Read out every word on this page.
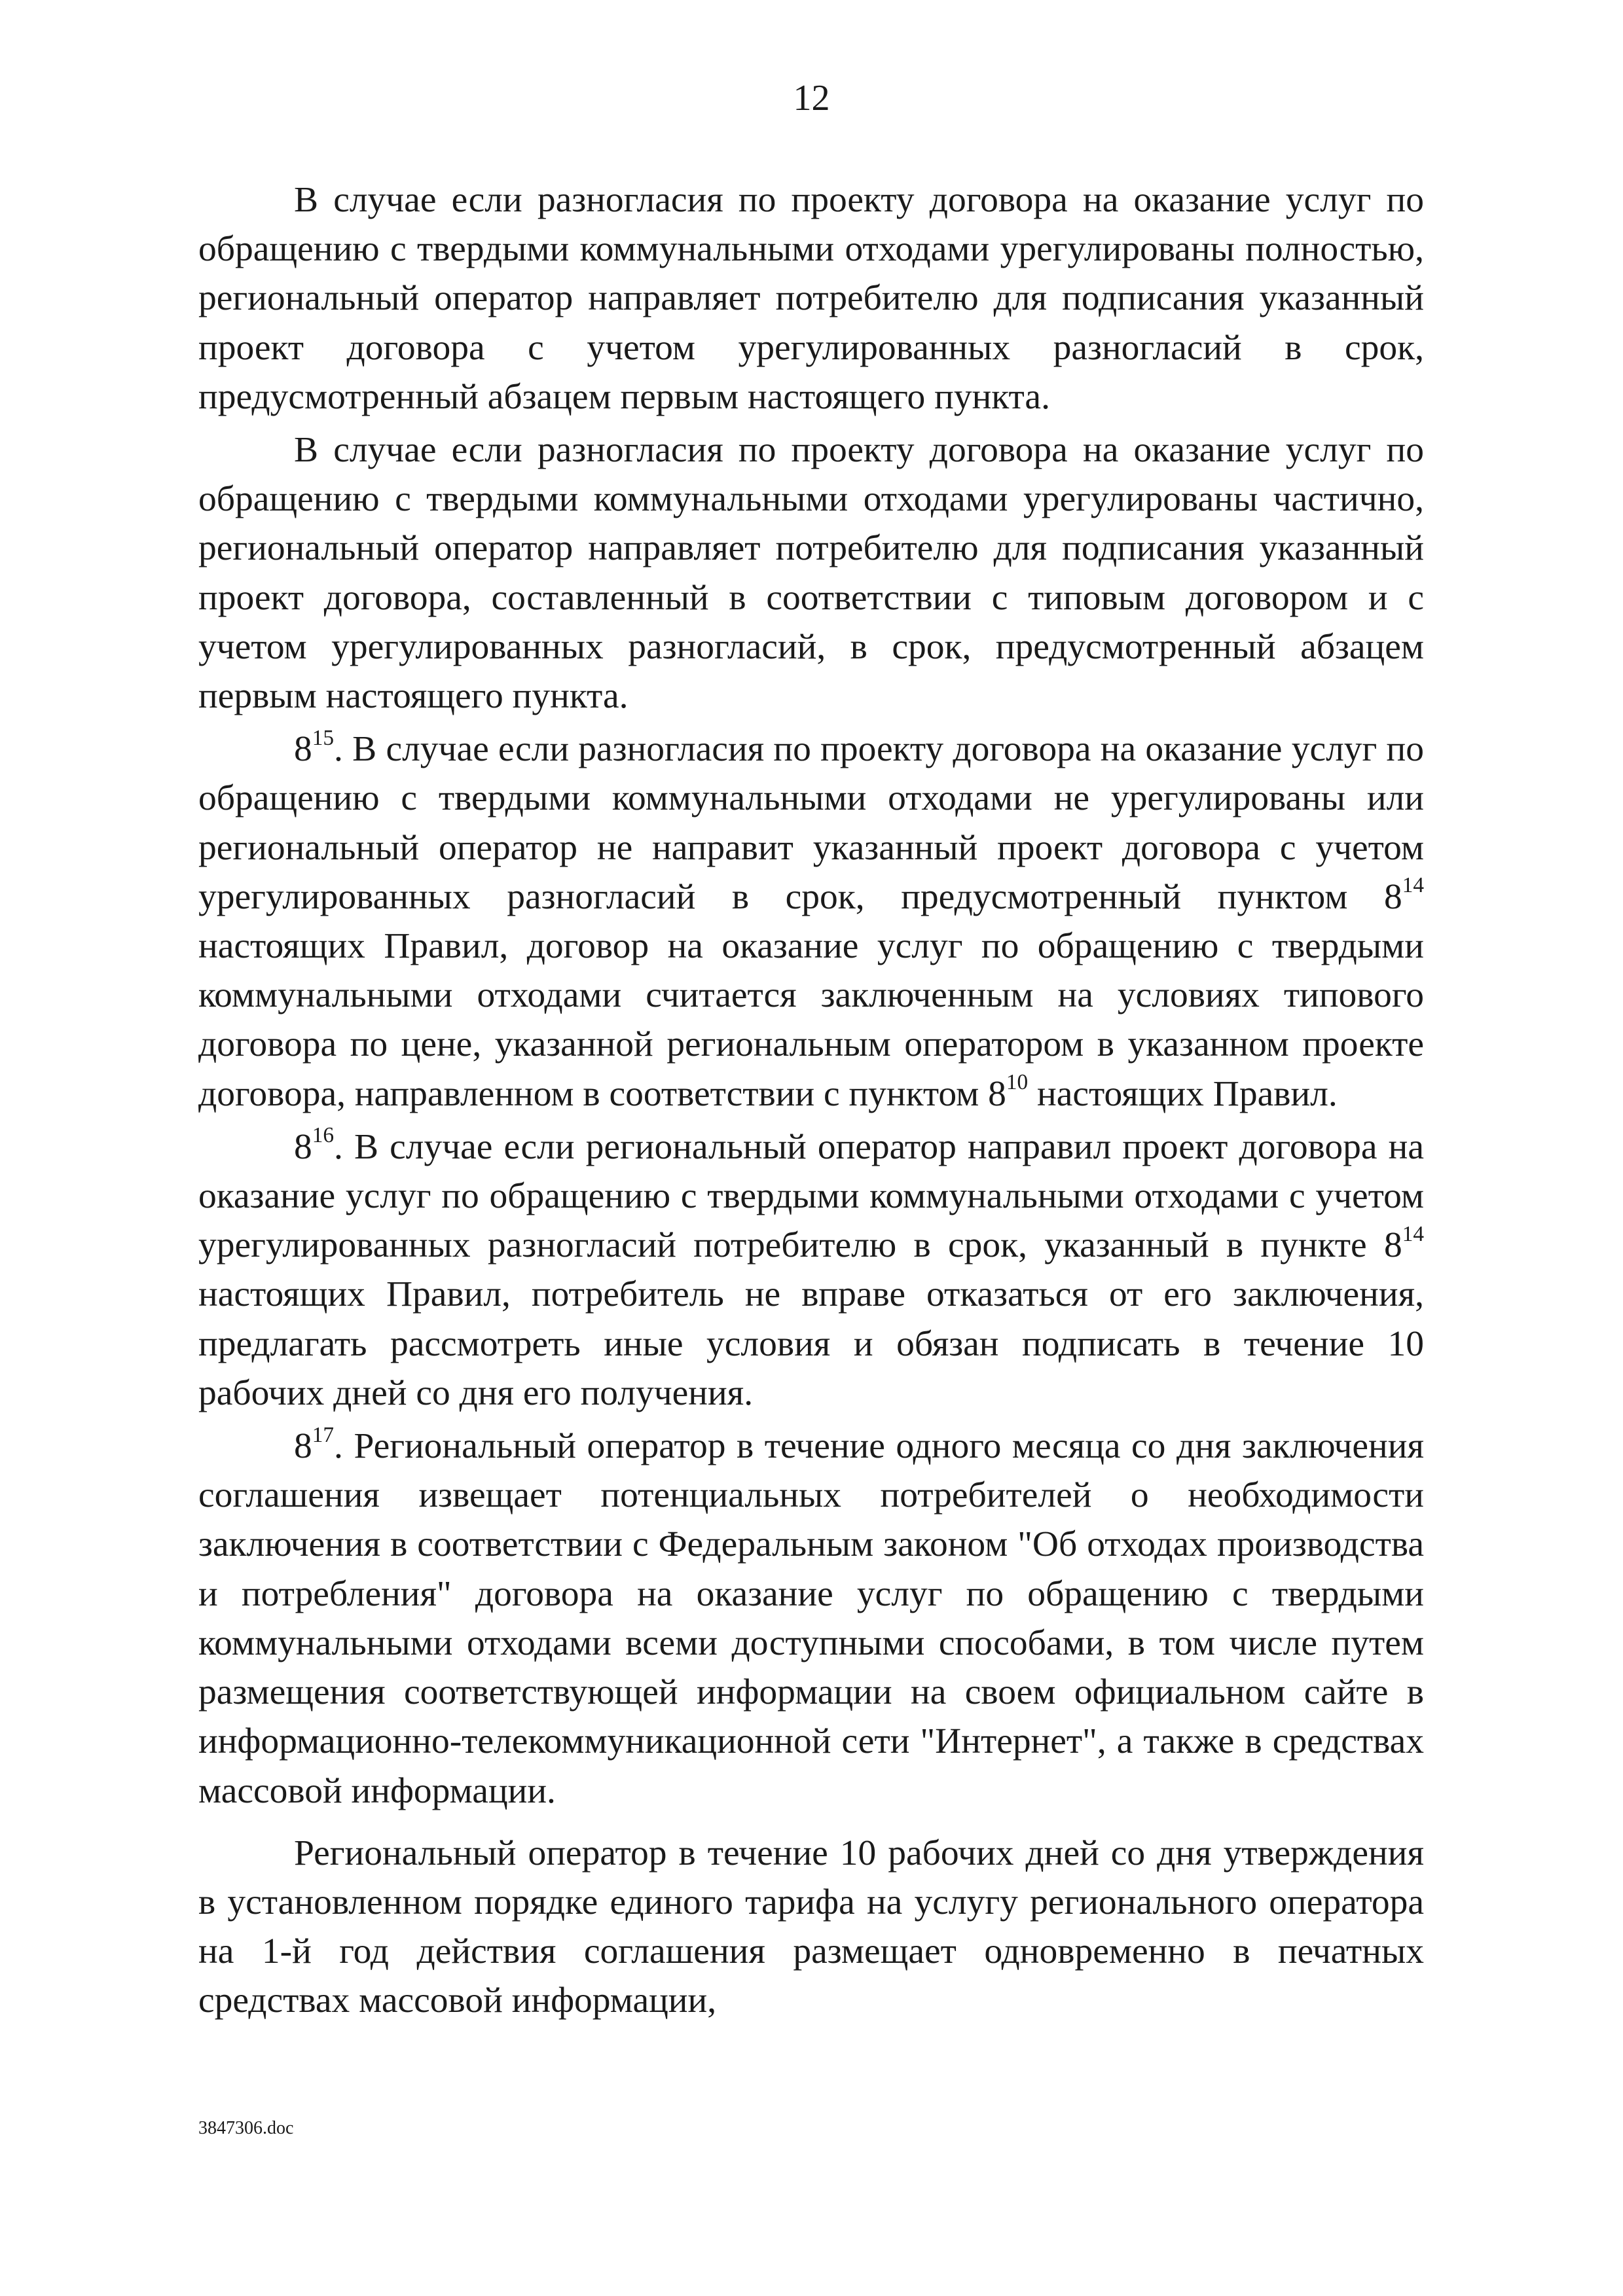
12

В случае если разногласия по проекту договора на оказание услуг по обращению с твердыми коммунальными отходами урегулированы полностью, региональный оператор направляет потребителю для подписания указанный проект договора с учетом урегулированных разногласий в срок, предусмотренный абзацем первым настоящего пункта.

В случае если разногласия по проекту договора на оказание услуг по обращению с твердыми коммунальными отходами урегулированы частично, региональный оператор направляет потребителю для подписания указанный проект договора, составленный в соответствии с типовым договором и с учетом урегулированных разногласий, в срок, предусмотренный абзацем первым настоящего пункта.

$8^{15}$. В случае если разногласия по проекту договора на оказание услуг по обращению с твердыми коммунальными отходами не урегулированы или региональный оператор не направит указанный проект договора с учетом урегулированных разногласий в срок, предусмотренный пунктом $8^{14}$ настоящих Правил, договор на оказание услуг по обращению с твердыми коммунальными отходами считается заключенным на условиях типового договора по цене, указанной региональным оператором в указанном проекте договора, направленном в соответствии с пунктом $8^{10}$ настоящих Правил.

$8^{16}$. В случае если региональный оператор направил проект договора на оказание услуг по обращению с твердыми коммунальными отходами с учетом урегулированных разногласий потребителю в срок, указанный в пункте $8^{14}$ настоящих Правил, потребитель не вправе отказаться от его заключения, предлагать рассмотреть иные условия и обязан подписать в течение 10 рабочих дней со дня его получения.

$8^{17}$. Региональный оператор в течение одного месяца со дня заключения соглашения извещает потенциальных потребителей о необходимости заключения в соответствии с Федеральным законом "Об отходах производства и потребления" договора на оказание услуг по обращению с твердыми коммунальными отходами всеми доступными способами, в том числе путем размещения соответствующей информации на своем официальном сайте в информационно-телекоммуникационной сети "Интернет", а также в средствах массовой информации.

Региональный оператор в течение 10 рабочих дней со дня утверждения в установленном порядке единого тарифа на услугу регионального оператора на 1-й год действия соглашения размещает одновременно в печатных средствах массовой информации,

3847306.doc
